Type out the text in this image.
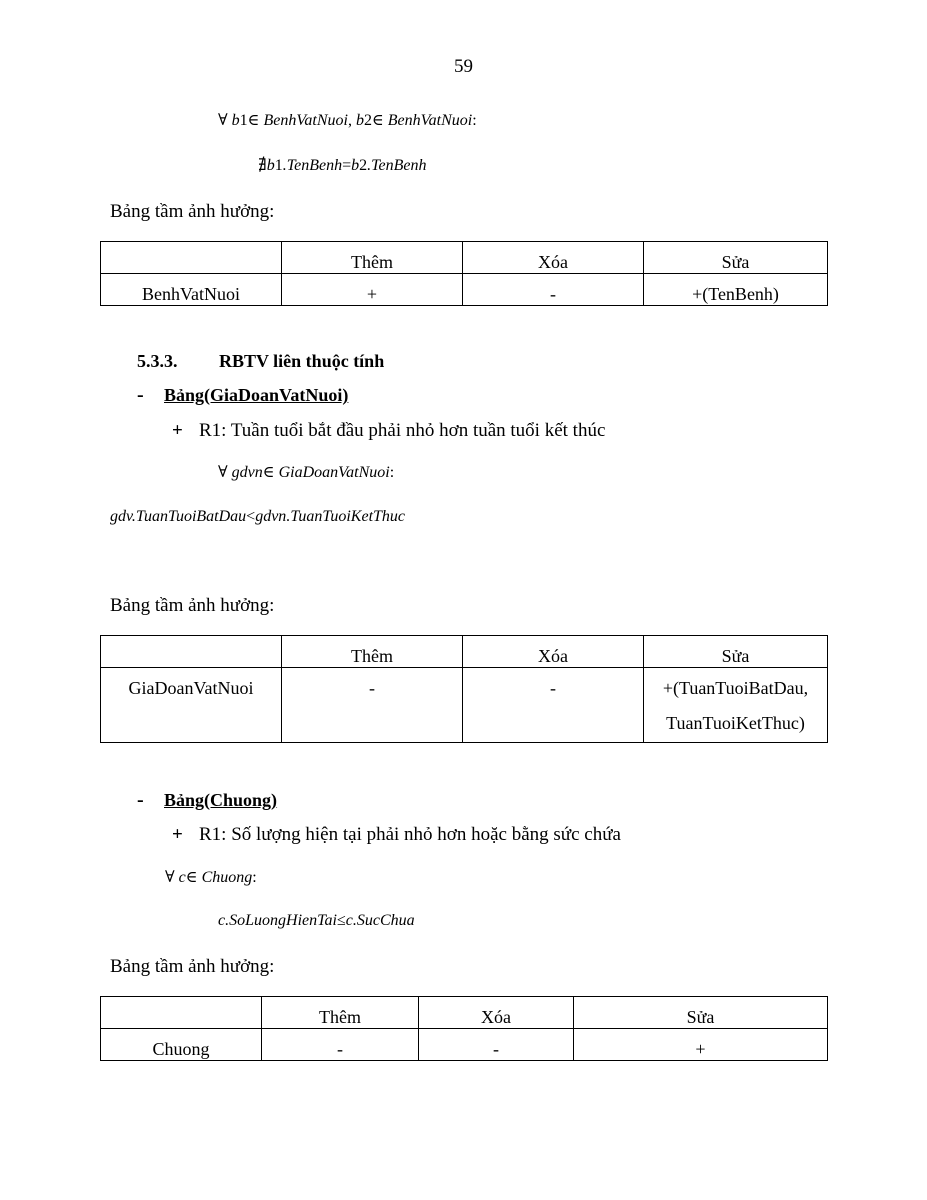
59
∀ b1∈ BenhVatNuoi, b2∈ BenhVatNuoi:
∄b1.TenBenh=b2.TenBenh
Bảng tầm ảnh hưởng:
	Thêm	Xóa	Sửa
BenhVatNuoi	+	-	+(TenBenh)
5.3.3. RBTV liên thuộc tính
- Bảng(GiaDoanVatNuoi)
+ R1: Tuần tuổi bắt đầu phải nhỏ hơn tuần tuổi kết thúc
∀ gdvn∈ GiaDoanVatNuoi:
gdv.TuanTuoiBatDau<gdvn.TuanTuoiKetThuc
Bảng tầm ảnh hưởng:
	Thêm	Xóa	Sửa
GiaDoanVatNuoi	-	-	+(TuanTuoiBatDau,
TuanTuoiKetThuc)
- Bảng(Chuong)
+ R1: Số lượng hiện tại phải nhỏ hơn hoặc bằng sức chứa
∀ c∈ Chuong:
c.SoLuongHienTai≤c.SucChua
Bảng tầm ảnh hưởng:
	Thêm	Xóa	Sửa
Chuong	-	-	+
